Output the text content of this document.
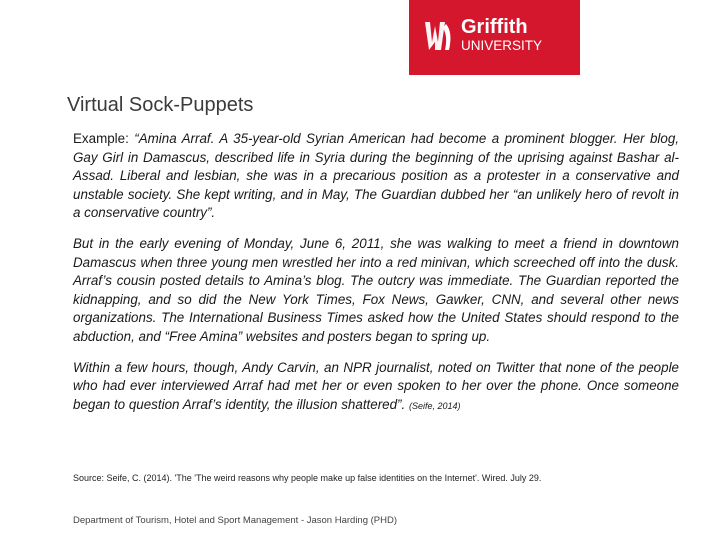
Griffith
UNIVERSITY
Virtual Sock-Puppets

Example: “Amina Arraf. A 35-year-old Syrian American had become a prominent blogger. Her blog, Gay Girl in Damascus, described life in Syria during the beginning of the uprising against Bashar al-Assad. Liberal and lesbian, she was in a precarious position as a protester in a conservative and unstable society. She kept writing, and in May, The Guardian dubbed her “an unlikely hero of revolt in a conservative country”.

But in the early evening of Monday, June 6, 2011, she was walking to meet a friend in downtown Damascus when three young men wrestled her into a red minivan, which screeched off into the dusk. Arraf’s cousin posted details to Amina’s blog. The outcry was immediate. The Guardian reported the kidnapping, and so did the New York Times, Fox News, Gawker, CNN, and several other news organizations. The International Business Times asked how the United States should respond to the abduction, and “Free Amina” websites and posters began to spring up.

Within a few hours, though, Andy Carvin, an NPR journalist, noted on Twitter that none of the people who had ever interviewed Arraf had met her or even spoken to her over the phone. Once someone began to question Arraf’s identity, the illusion shattered”. (Seife, 2014)

Source: Seife, C. (2014). 'The 'The weird reasons why people make up false identities on the Internet'. Wired. July 29.
Department of Tourism, Hotel and Sport Management - Jason Harding (PHD)
